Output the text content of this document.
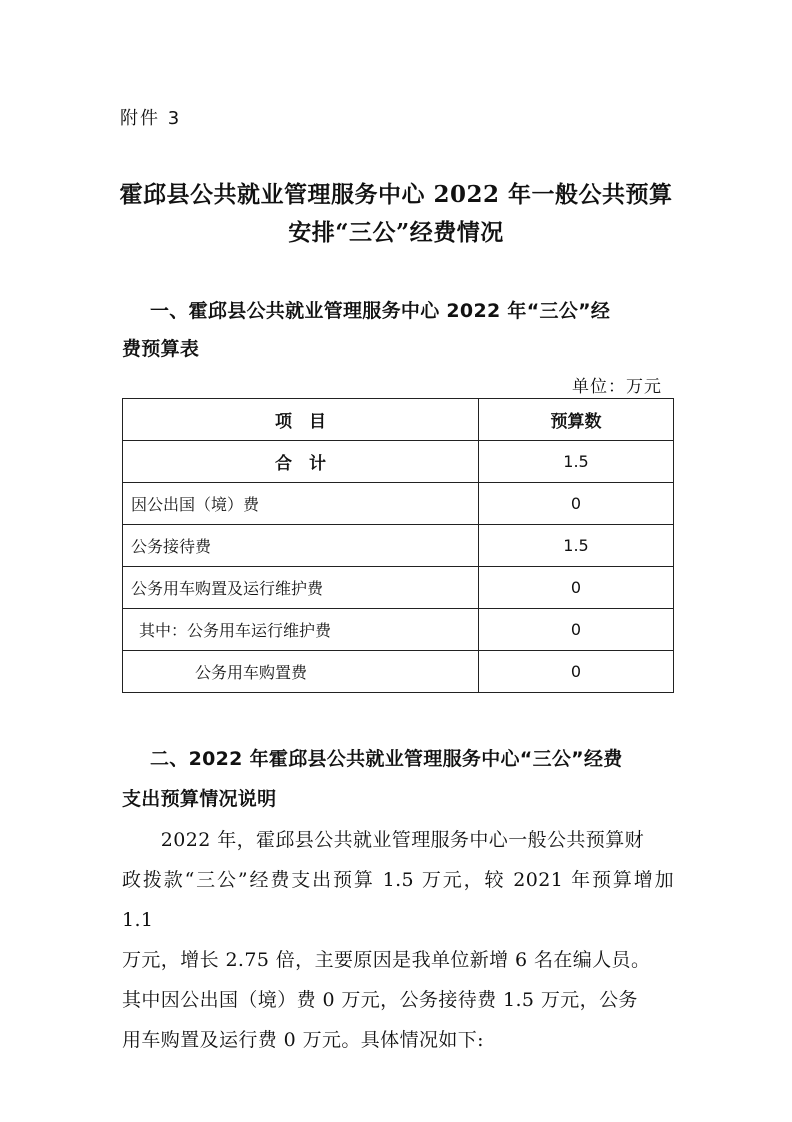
附件 3
霍邱县公共就业管理服务中心 2022 年一般公共预算
安排“三公”经费情况
一、霍邱县公共就业管理服务中心 2022 年“三公”经
费预算表
单位：万元
项　目	预算数
合　计	1.5
因公出国（境）费	0
公务接待费	1.5
公务用车购置及运行维护费	0
其中：公务用车运行维护费	0
公务用车购置费	0
二、2022 年霍邱县公共就业管理服务中心“三公”经费
支出预算情况说明
　　2022 年，霍邱县公共就业管理服务中心一般公共预算财
政拨款“三公”经费支出预算 1.5 万元，较 2021 年预算增加 1.1
万元，增长 2.75 倍，主要原因是我单位新增 6 名在编人员。
其中因公出国（境）费 0 万元，公务接待费 1.5 万元，公务
用车购置及运行费 0 万元。具体情况如下:
